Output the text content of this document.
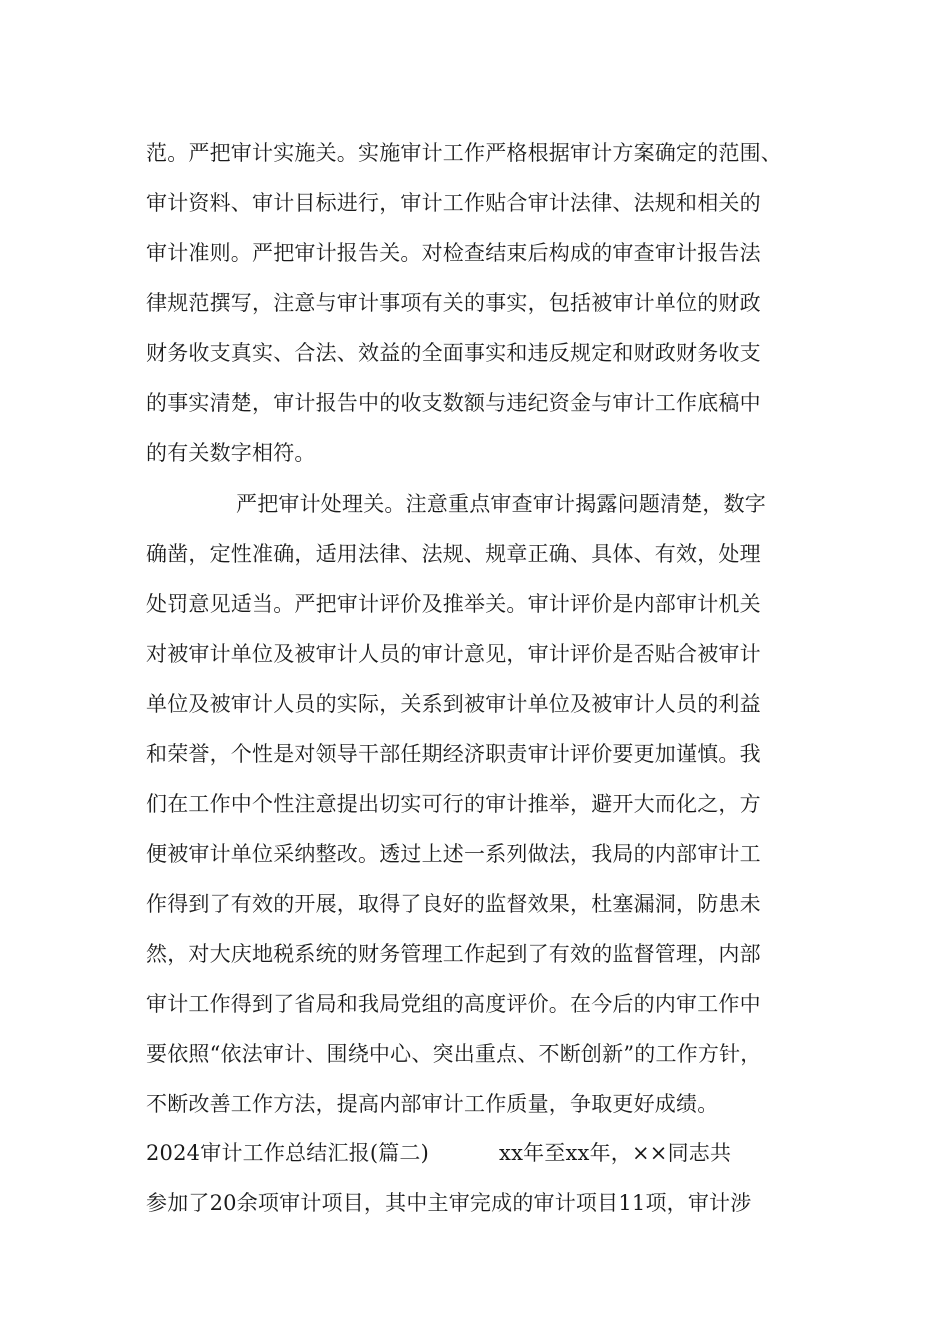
范。严把审计实施关。实施审计工作严格根据审计方案确定的范围、
审计资料、审计目标进行，审计工作贴合审计法律、法规和相关的
审计准则。严把审计报告关。对检查结束后构成的审查审计报告法
律规范撰写，注意与审计事项有关的事实，包括被审计单位的财政
财务收支真实、合法、效益的全面事实和违反规定和财政财务收支
的事实清楚，审计报告中的收支数额与违纪资金与审计工作底稿中
的有关数字相符。
严把审计处理关。注意重点审查审计揭露问题清楚，数字
确凿，定性准确，适用法律、法规、规章正确、具体、有效，处理
处罚意见适当。严把审计评价及推举关。审计评价是内部审计机关
对被审计单位及被审计人员的审计意见，审计评价是否贴合被审计
单位及被审计人员的实际，关系到被审计单位及被审计人员的利益
和荣誉，个性是对领导干部任期经济职责审计评价要更加谨慎。我
们在工作中个性注意提出切实可行的审计推举，避开大而化之，方
便被审计单位采纳整改。透过上述一系列做法，我局的内部审计工
作得到了有效的开展，取得了良好的监督效果，杜塞漏洞，防患未
然，对大庆地税系统的财务管理工作起到了有效的监督管理，内部
审计工作得到了省局和我局党组的高度评价。在今后的内审工作中
要依照“依法审计、围绕中心、突出重点、不断创新”的工作方针，
不断改善工作方法，提高内部审计工作质量，争取更好成绩。
2024审计工作总结汇报(篇二)	xx年至xx年，××同志共
参加了20余项审计项目，其中主审完成的审计项目11项，审计涉
